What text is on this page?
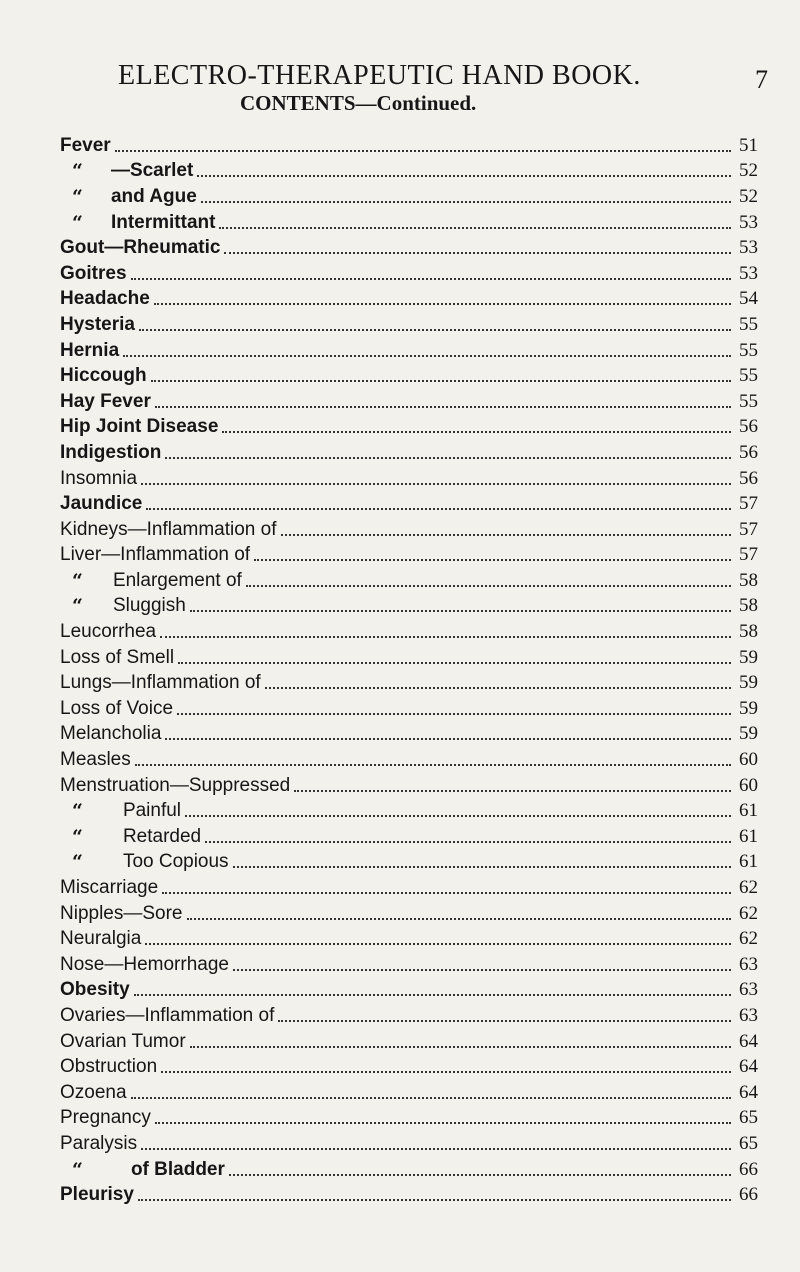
ELECTRO-THERAPEUTIC HAND BOOK.	7
CONTENTS—Continued.
Fever	51
“ —Scarlet	52
“ and Ague	52
“ Intermittant	53
Gout—Rheumatic	53
Goitres	53
Headache	54
Hysteria	55
Hernia	55
Hiccough	55
Hay Fever	55
Hip Joint Disease	56
Indigestion	56
Insomnia	56
Jaundice	57
Kidneys—Inflammation of	57
Liver—Inflammation of	57
“ Enlargement of	58
“ Sluggish	58
Leucorrhea	58
Loss of Smell	59
Lungs—Inflammation of	59
Loss of Voice	59
Melancholia	59
Measles	60
Menstruation—Suppressed	60
“ Painful	61
“ Retarded	61
“ Too Copious	61
Miscarriage	62
Nipples—Sore	62
Neuralgia	62
Nose—Hemorrhage	63
Obesity	63
Ovaries—Inflammation of	63
Ovarian Tumor	64
Obstruction	64
Ozoena	64
Pregnancy	65
Paralysis	65
“	of Bladder	66
Pleurisy	66
